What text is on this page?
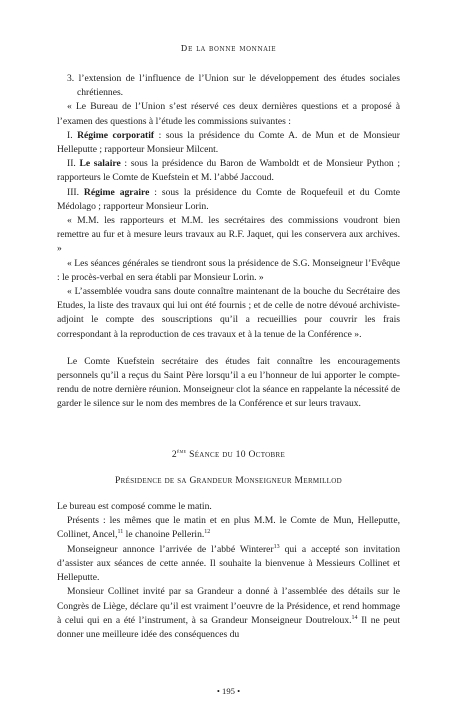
De la bonne monnaie

3. l’extension de l’influence de l’Union sur le développement des études sociales chrétiennes.

« Le Bureau de l’Union s’est réservé ces deux dernières questions et a proposé à l’examen des questions à l’étude les commissions suivantes :

I. Régime corporatif : sous la présidence du Comte A. de Mun et de Monsieur Helleputte ; rapporteur Monsieur Milcent.

II. Le salaire : sous la présidence du Baron de Wamboldt et de Monsieur Python ; rapporteurs le Comte de Kuefstein et M. l’abbé Jaccoud.

III. Régime agraire : sous la présidence du Comte de Roquefeuil et du Comte Médolago ; rapporteur Monsieur Lorin.

« M.M. les rapporteurs et M.M. les secrétaires des commissions voudront bien remettre au fur et à mesure leurs travaux au R.F. Jaquet, qui les conservera aux archives. »

« Les séances générales se tiendront sous la présidence de S.G. Monseigneur l’Evêque : le procès-verbal en sera établi par Monsieur Lorin. »

« L’assemblée voudra sans doute connaître maintenant de la bouche du Secrétaire des Etudes, la liste des travaux qui lui ont été fournis ; et de celle de notre dévoué archiviste-adjoint le compte des souscriptions qu’il a recueillies pour couvrir les frais correspondant à la reproduction de ces travaux et à la tenue de la Conférence ».

Le Comte Kuefstein secrétaire des études fait connaître les encouragements personnels qu’il a reçus du Saint Père lorsqu’il a eu l’honneur de lui apporter le compte-rendu de notre dernière réunion. Monseigneur clot la séance en rappelante la nécessité de garder le silence sur le nom des membres de la Conférence et sur leurs travaux.

2ème Séance du 10 Octobre

Présidence de sa Grandeur Monseigneur Mermillod

Le bureau est composé comme le matin.

Présents : les mêmes que le matin et en plus M.M. le Comte de Mun, Helleputte, Collinet, Ancel,$^{11}$ le chanoine Pellerin.$^{12}$

Monseigneur annonce l’arrivée de l’abbé Winterer$^{13}$ qui a accepté son invitation d’assister aux séances de cette année. Il souhaite la bienvenue à Messieurs Collinet et Helleputte.

Monsieur Collinet invité par sa Grandeur a donné à l’assemblée des détails sur le Congrès de Liège, déclare qu’il est vraiment l’oeuvre de la Présidence, et rend hommage à celui qui en a été l’instrument, à sa Grandeur Monseigneur Doutreloux.$^{14}$ Il ne peut donner une meilleure idée des conséquences du

• 195 •
